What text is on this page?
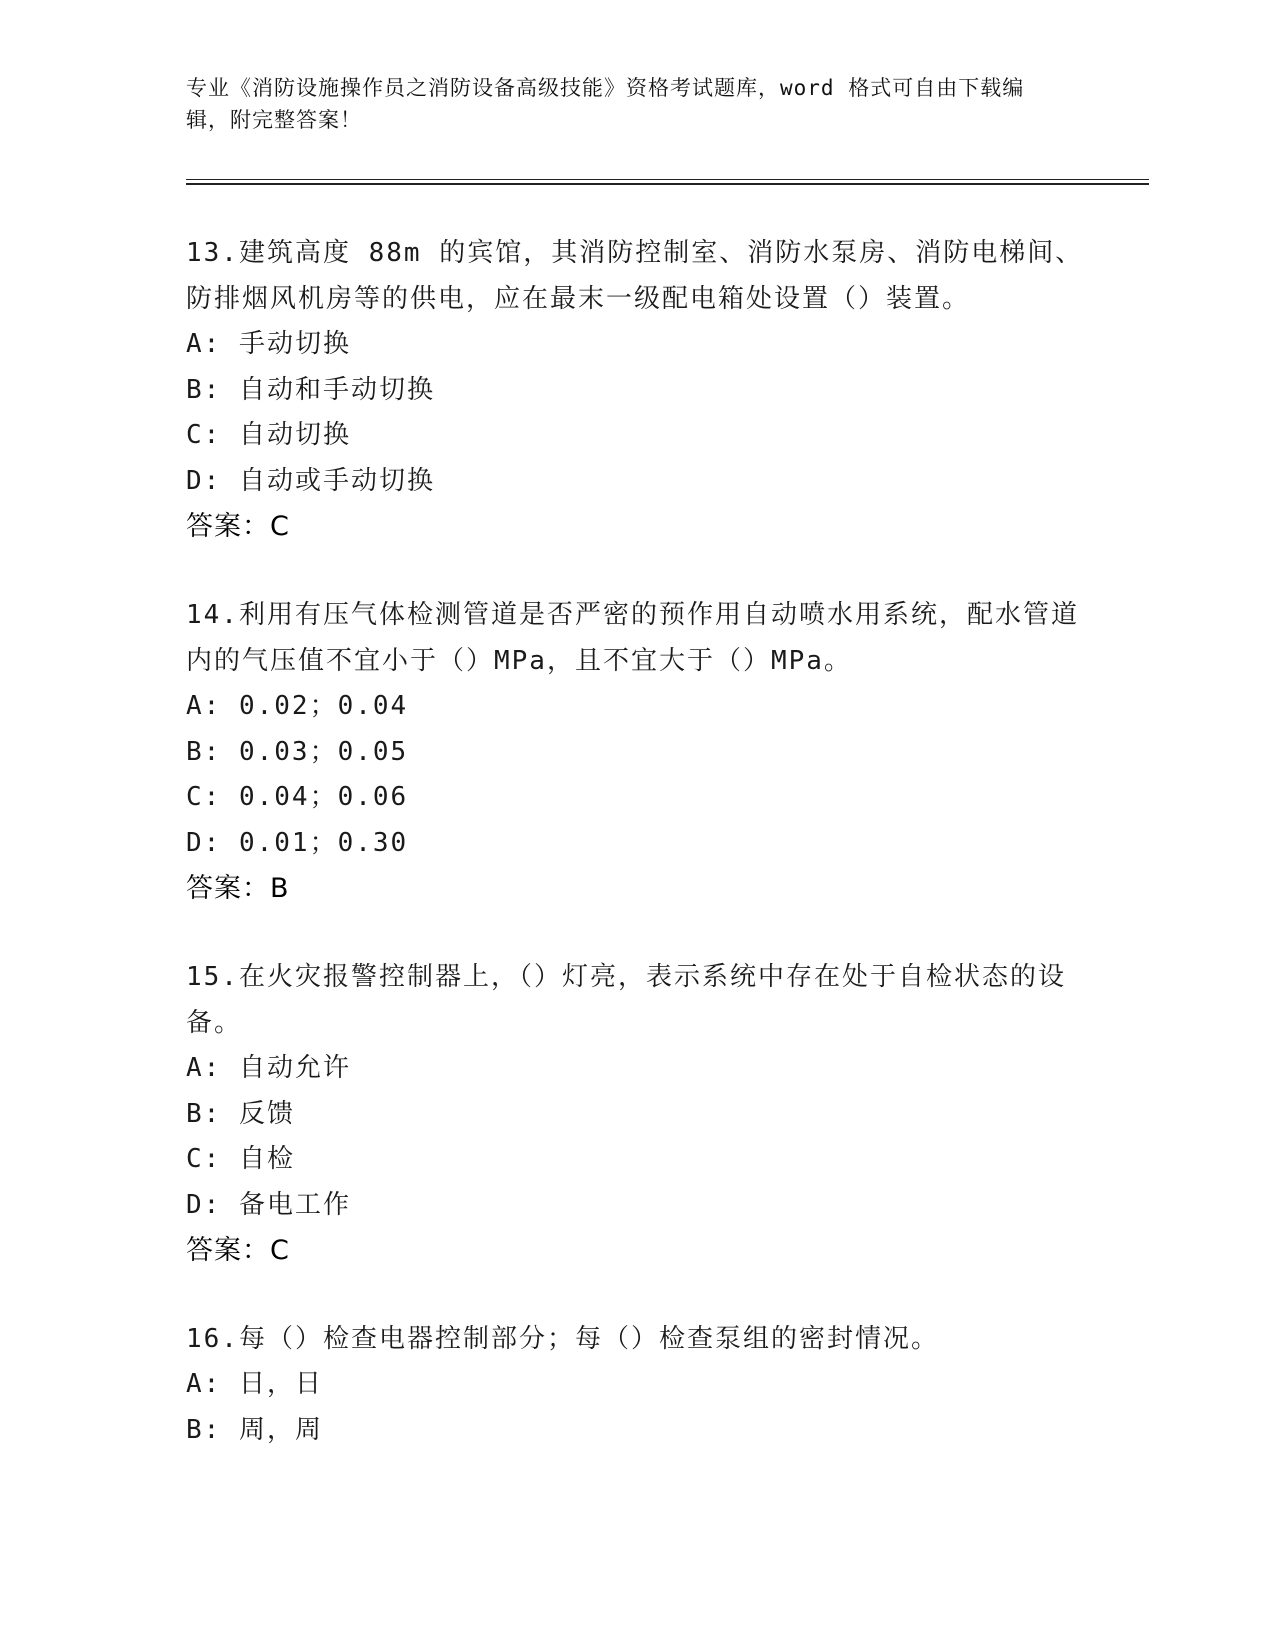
专业《消防设施操作员之消防设备高级技能》资格考试题库，word 格式可自由下载编辑，附完整答案！
13.建筑高度 88m 的宾馆，其消防控制室、消防水泵房、消防电梯间、防排烟风机房等的供电，应在最末一级配电箱处设置（）装置。
A: 手动切换
B: 自动和手动切换
C: 自动切换
D: 自动或手动切换
答案：C
14.利用有压气体检测管道是否严密的预作用自动喷水用系统，配水管道内的气压值不宜小于（）MPa，且不宜大于（）MPa。
A: 0.02；0.04
B: 0.03；0.05
C: 0.04；0.06
D: 0.01；0.30
答案：B
15.在火灾报警控制器上，（）灯亮，表示系统中存在处于自检状态的设备。
A: 自动允许
B: 反馈
C: 自检
D: 备电工作
答案：C
16.每（）检查电器控制部分；每（）检查泵组的密封情况。
A: 日，日
B: 周，周
